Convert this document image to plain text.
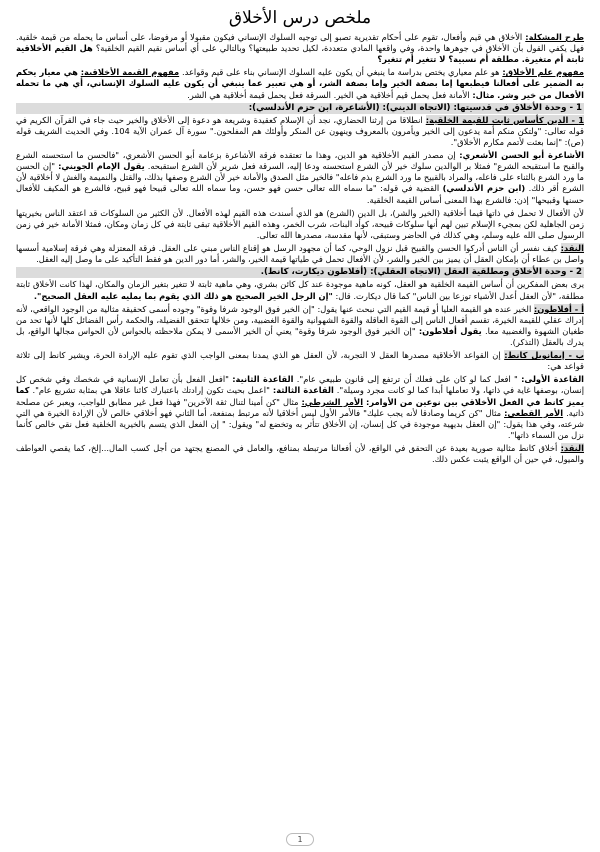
ملخص درس الأخلاق

طرح المشكلة: الأخلاق هي قيم وأفعال، تقوم على أحكام تقديرية تصبو إلى توجيه السلوك الإنساني فيكون مقبولا أو مرفوضا، على أساس ما يحمله من قيمة خلقية. فهل يكفي القول بأن الأخلاق في جوهرها واحدة، وفي واقعها المادي متعددة، لكيل تحديد طبيعتها؟ وبالتالي على أي أساس نقيم القيم الخلقية؟ هل القيم الأخلاقية ثابتة أم متغيرة. مطلقة أم نسبية؟ لا تتغير أم تتغير؟

مفهوم علم الأخلاق: هو علم معياري يختص بدراسة ما ينبغي أن يكون عليه السلوك الإنساني بناء على قيم وقواعد. مفهوم القيمة الأخلاقية: هي معيار يحكم به الضمير على أفعالنا فيطبعها إما بصفة الخير وإما بصفة الشر، أو هي تعبير عما ينبغي أن يكون عليه السلوك الإنساني، أي هي ما تحمله الأفعال من خير وشر. مثال: الأمانة فعل يحمل قيم أخلاقية هي الخير. السرقة فعل يحمل قيمة أخلاقية هي الشر.

1 - وحدة الأخلاق في قدسيتها: (الاتجاه الديني): (الأشاعرة، ابن حزم الأندلسي):

1 - الدين كأساس ثابت للقيمة الخلقية: انطلاقا من إرثنا الحضاري، نجد أن الإسلام كعقيدة وشريعة هو دعوة إلى الأخلاق والخير حيث جاء في القرآن الكريم في قوله تعالى: "ولتكن منكم أمة يدعون إلى الخير ويأمرون بالمعروف وينهون عن المنكر وأولئك هم المفلحون." سورة آل عمران الآية 104. وفي الحديث الشريف قوله (ص): "إنما بعثت لأتمم مكارم الأخلاق".

الأشاعرة أبو الحسن الأشعري: إن مصدر القيم الأخلاقية هو الدين، وهذا ما تعتقده فرقة الأشاعرة بزعامة أبو الحسن الأشعري، "فالحسن ما استحسنه الشرع والقبح ما استقبحه الشرع" فمثلا بر الوالدين سلوك خير لأن الشرع استحسنه ودعا إليه، السرقة فعل شرير لأن الشرع استقبحه. يقول الإمام الجويني: "إن الحسن ما ورد الشرع بالثناء على فاعله، والمراد بالقبيح ما ورد الشرع بذم فاعله" فالخير مثل الصدق والأمانة خير لأن الشرع وصفها بذلك، والقتل والنميمة والغش لا أخلاقية لأن الشرع أقر ذلك. (ابن حزم الأندلسي) القضية في قوله: "ما سماه الله تعالى حسن فهو حسن، وما سماه الله تعالى قبيحا فهو قبيح، فالشرع هو المكيف للأفعال حسنها وقبيحها" إذن: فالشرع بهذا المعنى أساس القيمة الخلقية.

لأن الأفعال لا تحمل في ذاتها قيما أخلاقية (الخير والشر)، بل الدين (الشرع) هو الذي أسندت هذه القيم لهذه الأفعال. لأن الكثير من السلوكات قد اعتقد الناس بخيريتها زمن الجاهلية لكن بمجيء الإسلام تبين لهم أنها سلوكات قبيحة، كوأد البنات، شرب الخمر، وهذه القيم الأخلاقية تبقى ثابتة في كل زمان ومكان، فمثلا الأمانة خير في زمن الرسول صلى الله عليه وسلم، وهي كذلك في الحاضر وستبقى، لأنها مقدسة، مصدرها الله تعالى.

النقد: كيف نفسر أن الناس أدركوا الحسن والقبيح قبل نزول الوحي، كما أن مجهود الرسل هو إقناع الناس مبني على العقل. فرقة المعتزلة وهي فرقة إسلامية أسسها واصل بن عطاء أن بإمكان العقل أن يميز بين الخير والشر، لأن الأفعال تحمل في طياتها قيمة الخير، والشر، أما دور الدين هو فقط التأكيد على ما وصل إليه العقل.

2 - وحدة الأخلاق ومطلقية العقل (الاتجاه العقلي): (أفلاطون ديكارت، كانط).

يرى بعض المفكرين أن أساس القيمة الخلقية هو العقل، كونه ماهية موجودة عند كل كائن بشري، وهي ماهية ثابتة لا تتغير بتغير الزمان والمكان، لهذا كانت الأخلاق ثابتة مطلقة، "لأن العقل أعدل الأشياء توزعا بين الناس" كما قال ديكارت. قال: "إن الرجل الخير الصحيح هو ذلك الذي يقوم بما يمليه عليه العقل الصحيح".

أ - أفلاطون: الخير عنده هو القيمة العليا أو قيمة القيم التي نبحث عنها يقول: "إن الخير فوق الوجود شرفا وقوة" وجوده أسمى كحقيقة مثالية من الوجود الواقعي، لأنه إدراك عقلي للقيمة الخيرة، تقسم أفعال الناس إلى القوة العاقلة والقوة الشهوانية والقوة الغضبية، ومن خلالها تتحقق الفضيلة، والحكمة رأس الفضائل كلها لأنها تحد من طغيان الشهوة والغضبية معا. يقول أفلاطون: "إن الخير فوق الوجود شرفا وقوة" يعني أن الخير الأسمى لا يمكن ملاحظته بالحواس لأن الحواس مجالها الواقع، بل يدرك بالعقل (التذكر).

ب - إيمانويل كانط: إن القواعد الأخلاقية مصدرها العقل لا التجربة، لأن العقل هو الذي يمدنا بمعنى الواجب الذي تقوم عليه الإرادة الحرة، ويشير كانط إلى ثلاثة قواعد هي:

القاعدة الأولى: " افعل كما لو كان على فعلك أن ترتفع إلى قانون طبيعي عام". القاعدة الثانية: "افعل الفعل بأن تعامل الإنسانية في شخصك وفي شخص كل إنسان، بوصفها غاية في ذاتها، ولا تعاملها أبدا كما لو كانت مجرد وسيلة". القاعدة الثالثة: "اعمل بحيث تكون إرادتك باعتبارك كائنا عاقلا هي بمثابة تشريع عام". كما يميز كانط في الفعل الأخلاقي بين نوعين من الأوامر: الأمر الشرطي: مثال "كن أمينا لتنال ثقة الآخرين" فهذا فعل غير مطابق للواجب، ويعبر عن مصلحة ذاتية. الأمر القطعي: مثال "كن كريما وصادقا لأنه يجب عليك" فالأمر الأول ليس أخلاقيا لأنه مرتبط بمنفعة، أما الثاني فهو أخلاقي خالص لأن الإرادة الخيرة هي التي شرعته، وفي هذا يقول: "إن العقل بديهية موجودة في كل إنسان، إن الأخلاق تتأثر به وتخضع له" ويقول: " إن الفعل الذي يتسم بالخيرية الخلقية فعل نقي خالص كأنما نزل من السماء ذاتها".

النقد: أخلاق كانط مثالية صورية بعيدة عن التحقق في الواقع، لأن أفعالنا مرتبطة بمنافع، والعامل في المصنع يجتهد من أجل كسب المال...إلخ، كما يقصي العواطف والميول، في حين أن الواقع يثبت عكس ذلك.

1
